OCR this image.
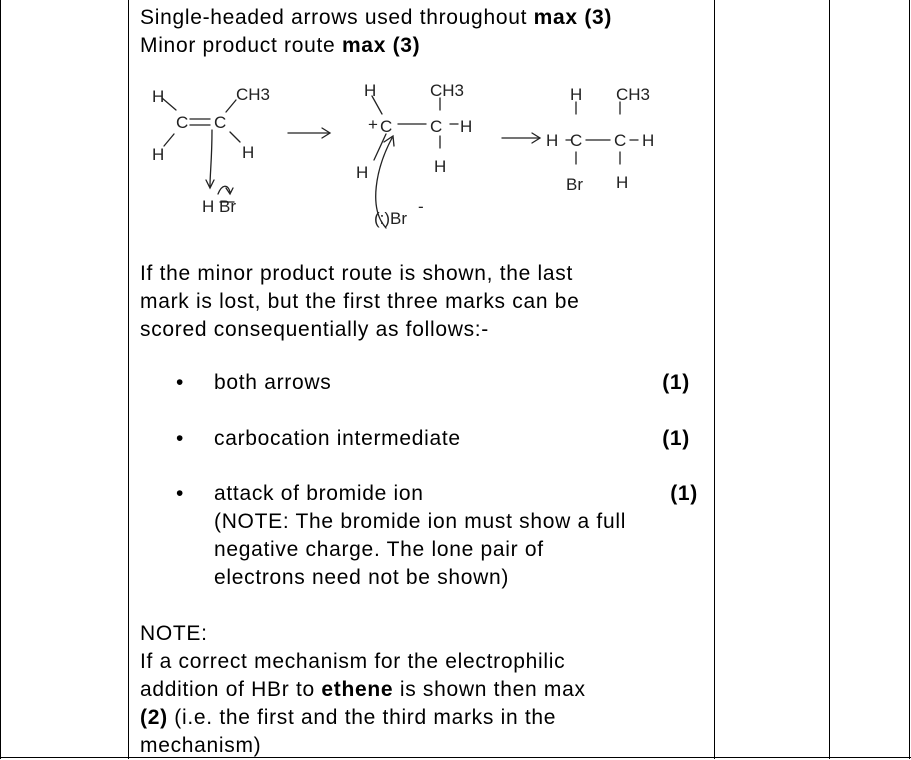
Single-headed arrows used throughout max (3)

Minor product route max (3)

H	CH3
C C
H	H
H Br
H
+ C
CH3
C H
H
H
(:)Br
-
H CH3
H C C H
Br H

If the minor product route is shown, the last

mark is lost, but the first three marks can be

scored consequentially as follows:-

• both arrows	(1)
• carbocation intermediate	(1)
• attack of bromide ion	(1)

(NOTE: The bromide ion must show a full

negative charge. The lone pair of

electrons need not be shown)

NOTE:

If a correct mechanism for the electrophilic

addition of HBr to ethene is shown then max

(2) (i.e. the first and the third marks in the

mechanism)
